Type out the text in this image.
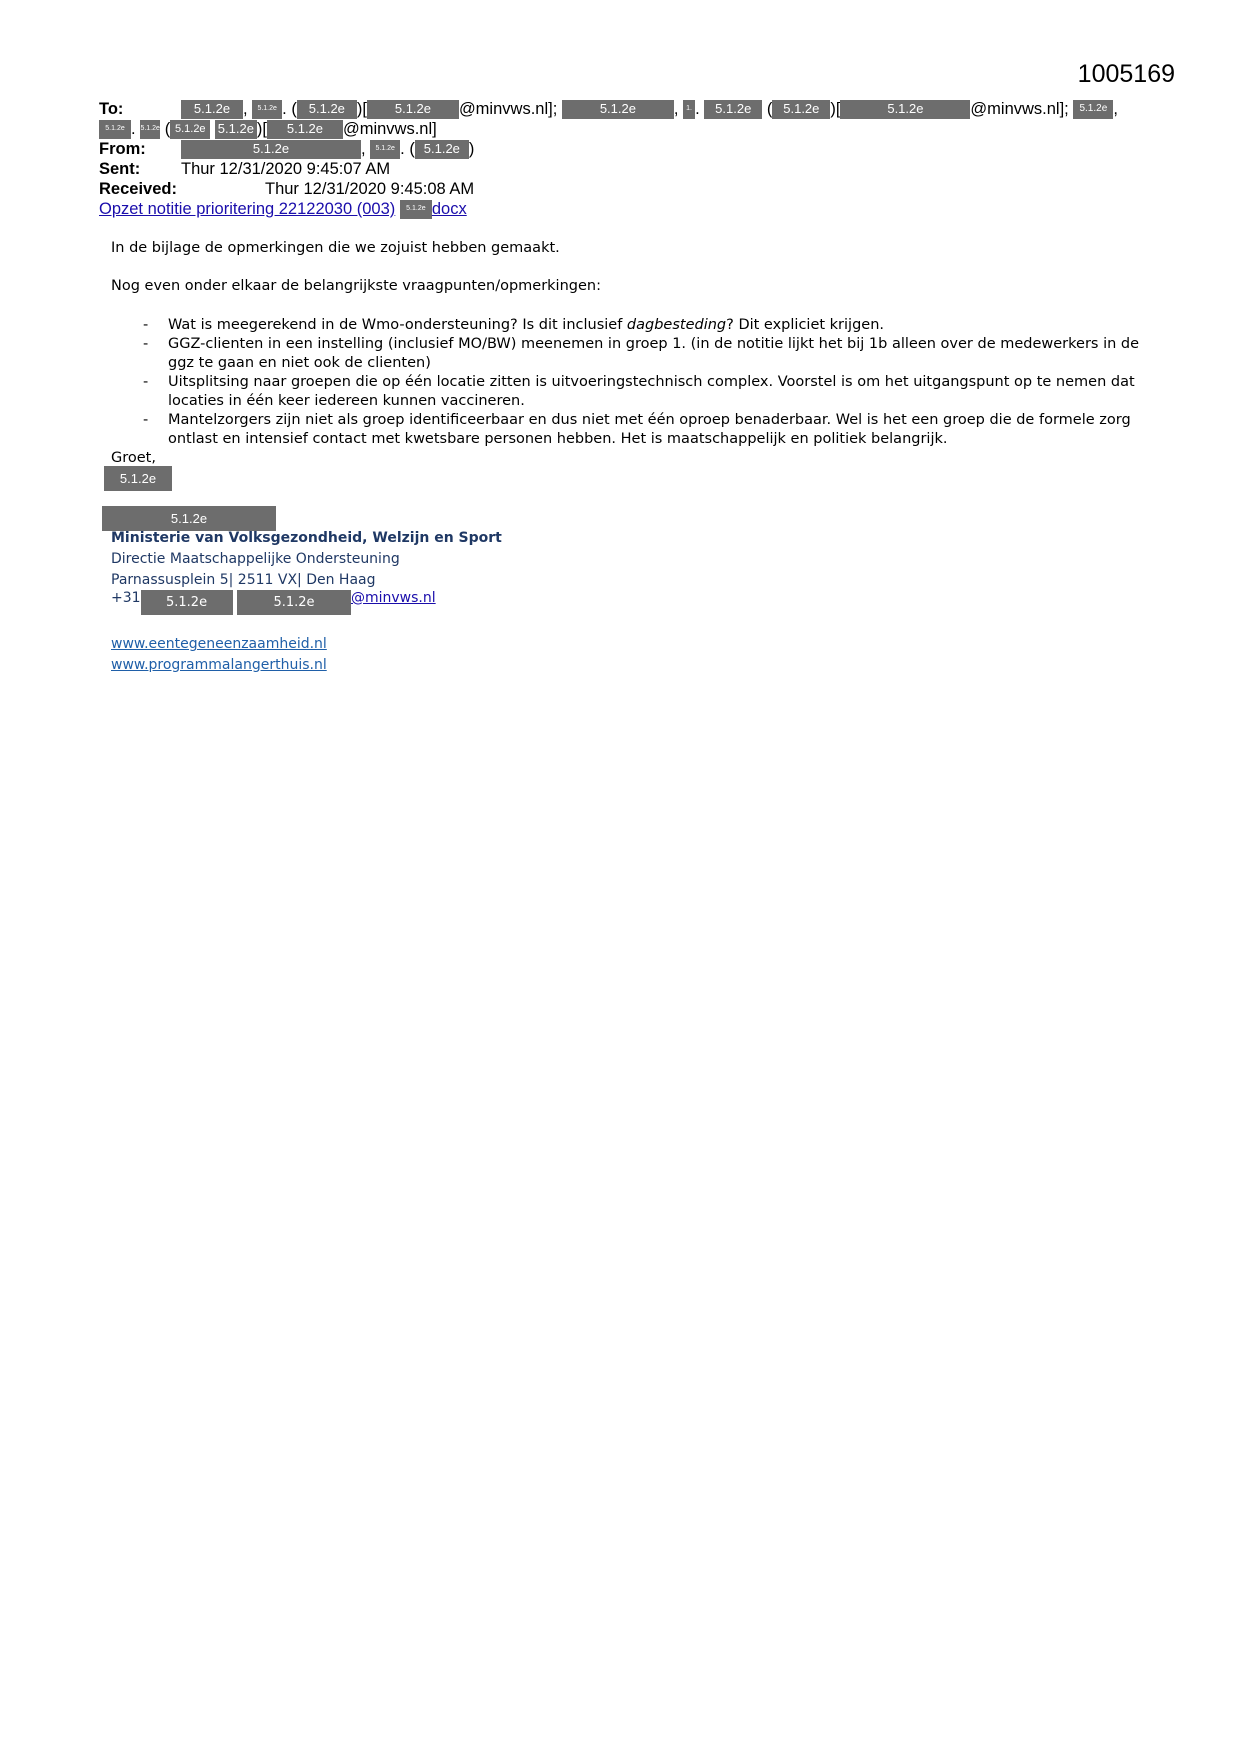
1005169
To:	5.1.2e , 5.1.2e . ( 5.1.2e )[ 5.1.2e @minvws.nl];	5.1.2e , 1. . 5.1.2e ( 5.1.2e )[	5.1.2e	@minvws.nl]; 5.1.2e ,
5.1.2e . 5.1.2e ( 5.1.2e 5.1.2e )[ 5.1.2e @minvws.nl]
From:	5.1.2e	, 5.1.2e . ( 5.1.2e )
Sent: Thur 12/31/2020 9:45:07 AM
Received:	Thur 12/31/2020 9:45:08 AM
Opzet notitie prioritering 22122030 (003) 5.1.2e docx
In de bijlage de opmerkingen die we zojuist hebben gemaakt.
Nog even onder elkaar de belangrijkste vraagpunten/opmerkingen:
- Wat is meegerekend in de Wmo-ondersteuning? Is dit inclusief dagbesteding? Dit expliciet krijgen.
- GGZ-clienten in een instelling (inclusief MO/BW) meenemen in groep 1. (in de notitie lijkt het bij 1b alleen over de medewerkers in de ggz te gaan en niet ook de clienten)
- Uitsplitsing naar groepen die op één locatie zitten is uitvoeringstechnisch complex. Voorstel is om het uitgangspunt op te nemen dat locaties in één keer iedereen kunnen vaccineren.
- Mantelzorgers zijn niet als groep identificeerbaar en dus niet met één oproep benaderbaar. Wel is het een groep die de formele zorg ontlast en intensief contact met kwetsbare personen hebben. Het is maatschappelijk en politiek belangrijk.
Groet,
5.1.2e
5.1.2e
Ministerie van Volksgezondheid, Welzijn en Sport
Directie Maatschappelijke Ondersteuning
Parnassusplein 5| 2511 VX| Den Haag
+31 5.1.2e	5.1.2e	@minvws.nl
www.eentegeneenzaamheid.nl
www.programmalangerthuis.nl
